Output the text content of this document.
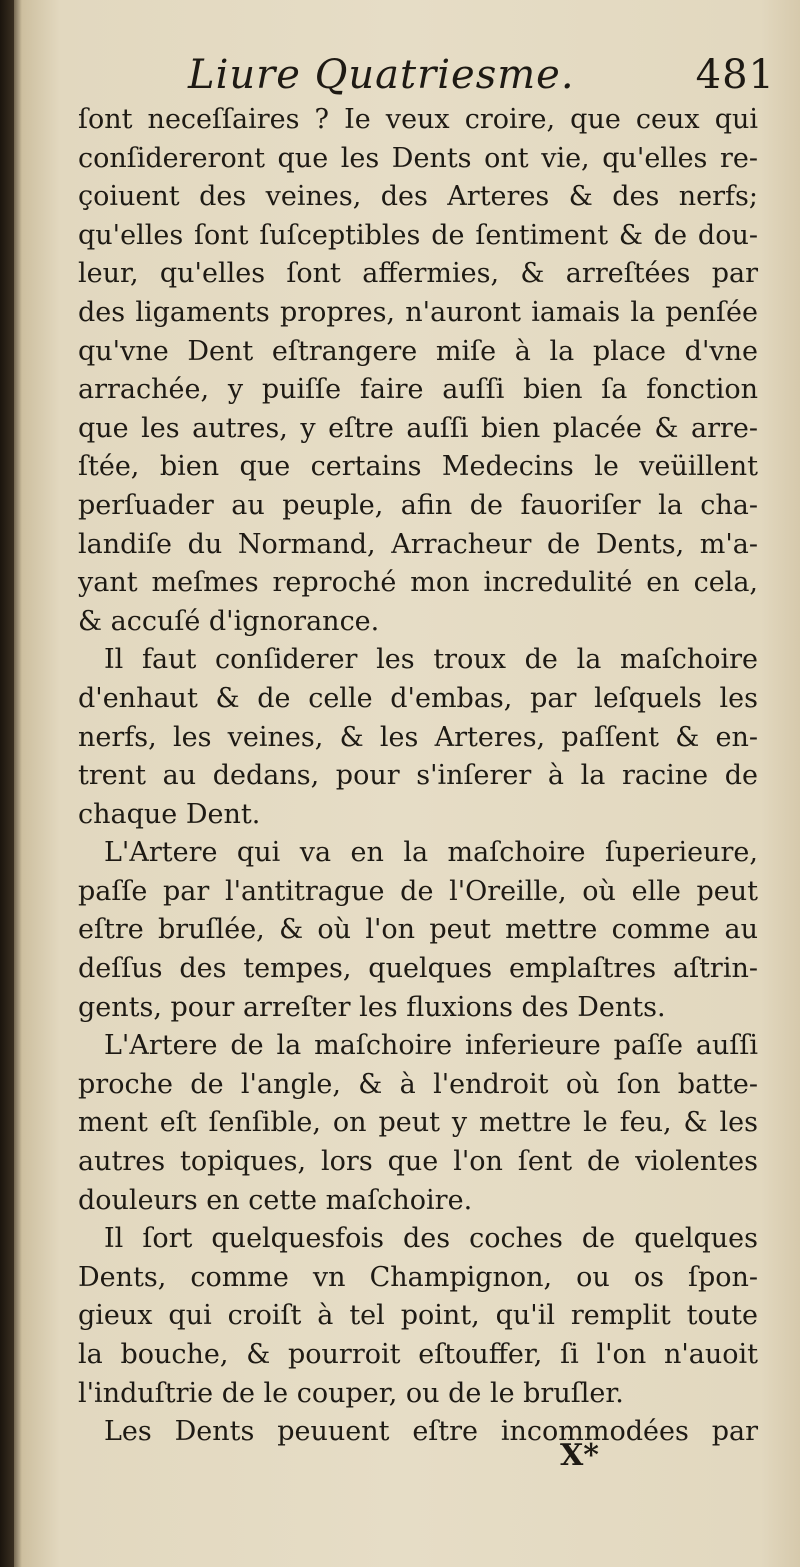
Liure Quatriesme.	481
ſont neceſſaires ? Ie veux croire, que ceux qui
conſidereront que les Dents ont vie, qu'elles re-
çoiuent des veines, des Arteres & des nerfs;
qu'elles ſont ſuſceptibles de ſentiment & de dou-
leur, qu'elles ſont affermies, & arreſtées par
des ligaments propres, n'auront iamais la penſée
qu'vne Dent eſtrangere miſe à la place d'vne
arrachée, y puiſſe faire auſſi bien ſa fonction
que les autres, y eſtre auſſi bien placée & arre-
ſtée, bien que certains Medecins le veüillent
perſuader au peuple, afin de fauoriſer la cha-
landiſe du Normand, Arracheur de Dents, m'a-
yant meſmes reproché mon incredulité en cela,
& accuſé d'ignorance.
Il faut conſiderer les troux de la maſchoire
d'enhaut & de celle d'embas, par leſquels les
nerfs, les veines, & les Arteres, paſſent & en-
trent au dedans, pour s'inſerer à la racine de
chaque Dent.
L'Artere qui va en la maſchoire ſuperieure,
paſſe par l'antitrague de l'Oreille, où elle peut
eſtre bruſlée, & où l'on peut mettre comme au
deſſus des tempes, quelques emplaſtres aſtrin-
gents, pour arreſter les fluxions des Dents.
L'Artere de la maſchoire inferieure paſſe auſſi
proche de l'angle, & à l'endroit où ſon batte-
ment eſt ſenſible, on peut y mettre le feu, & les
autres topiques, lors que l'on ſent de violentes
douleurs en cette maſchoire.
Il ſort quelquesfois des coches de quelques
Dents, comme vn Champignon, ou os ſpon-
gieux qui croiſt à tel point, qu'il remplit toute
la bouche, & pourroit eſtouffer, ſi l'on n'auoit
l'induſtrie de le couper, ou de le bruſler.
Les Dents peuuent eſtre incommodées par
X*
